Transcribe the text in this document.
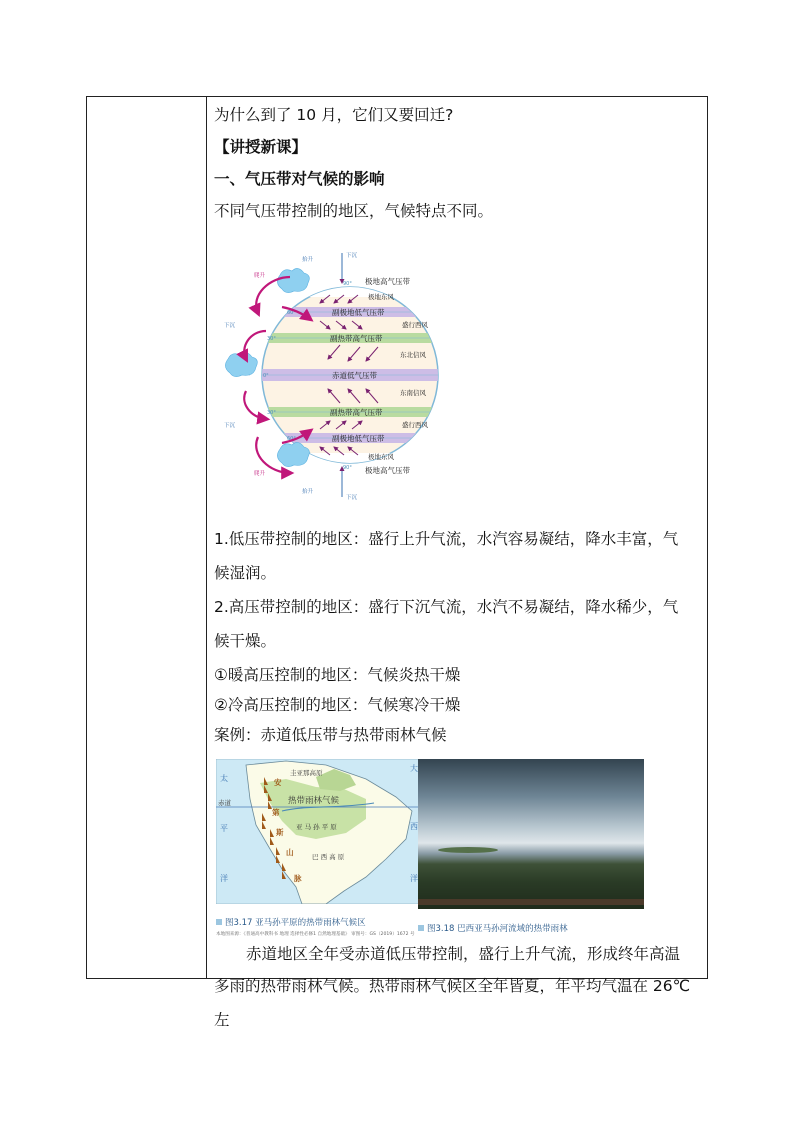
为什么到了 10 月，它们又要回迁?
【讲授新课】
一、气压带对气候的影响
不同气压带控制的地区，气候特点不同。
极地高气压带
副极地低气压带
副热带高气压带
赤道低气压带
副热带高气压带
副极地低气压带
极地高气压带
极地东风
盛行西风
东北信风
东南信风
盛行西风
极地东风
90°
60°
30°
0°
30°
60°
90°
下沉
下沉
抬升
抬升
下沉
下沉
爬升
爬升
1.低压带控制的地区：盛行上升气流，水汽容易凝结，降水丰富，气
候湿润。
2.高压带控制的地区：盛行下沉气流，水汽不易凝结，降水稀少，气
候干燥。
①暖高压控制的地区：气候炎热干燥
②冷高压控制的地区：气候寒冷干燥
案例：赤道低压带与热带雨林气候
圭亚那高原
亚 马 孙 平 原
巴 西 高 原
赤道	热带雨林气候
安
第
斯
山
脉
太
平
洋
大
西
洋
图3.17 亚马孙平原的热带雨林气候区
本地图来源：《普通高中教科书 地理 选择性必修1 自然地理基础》 审图号：GS（2019）1672 号
图3.18 巴西亚马孙河流域的热带雨林
赤道地区全年受赤道低压带控制，盛行上升气流，形成终年高温
多雨的热带雨林气候。热带雨林气候区全年皆夏，年平均气温在 26℃左
